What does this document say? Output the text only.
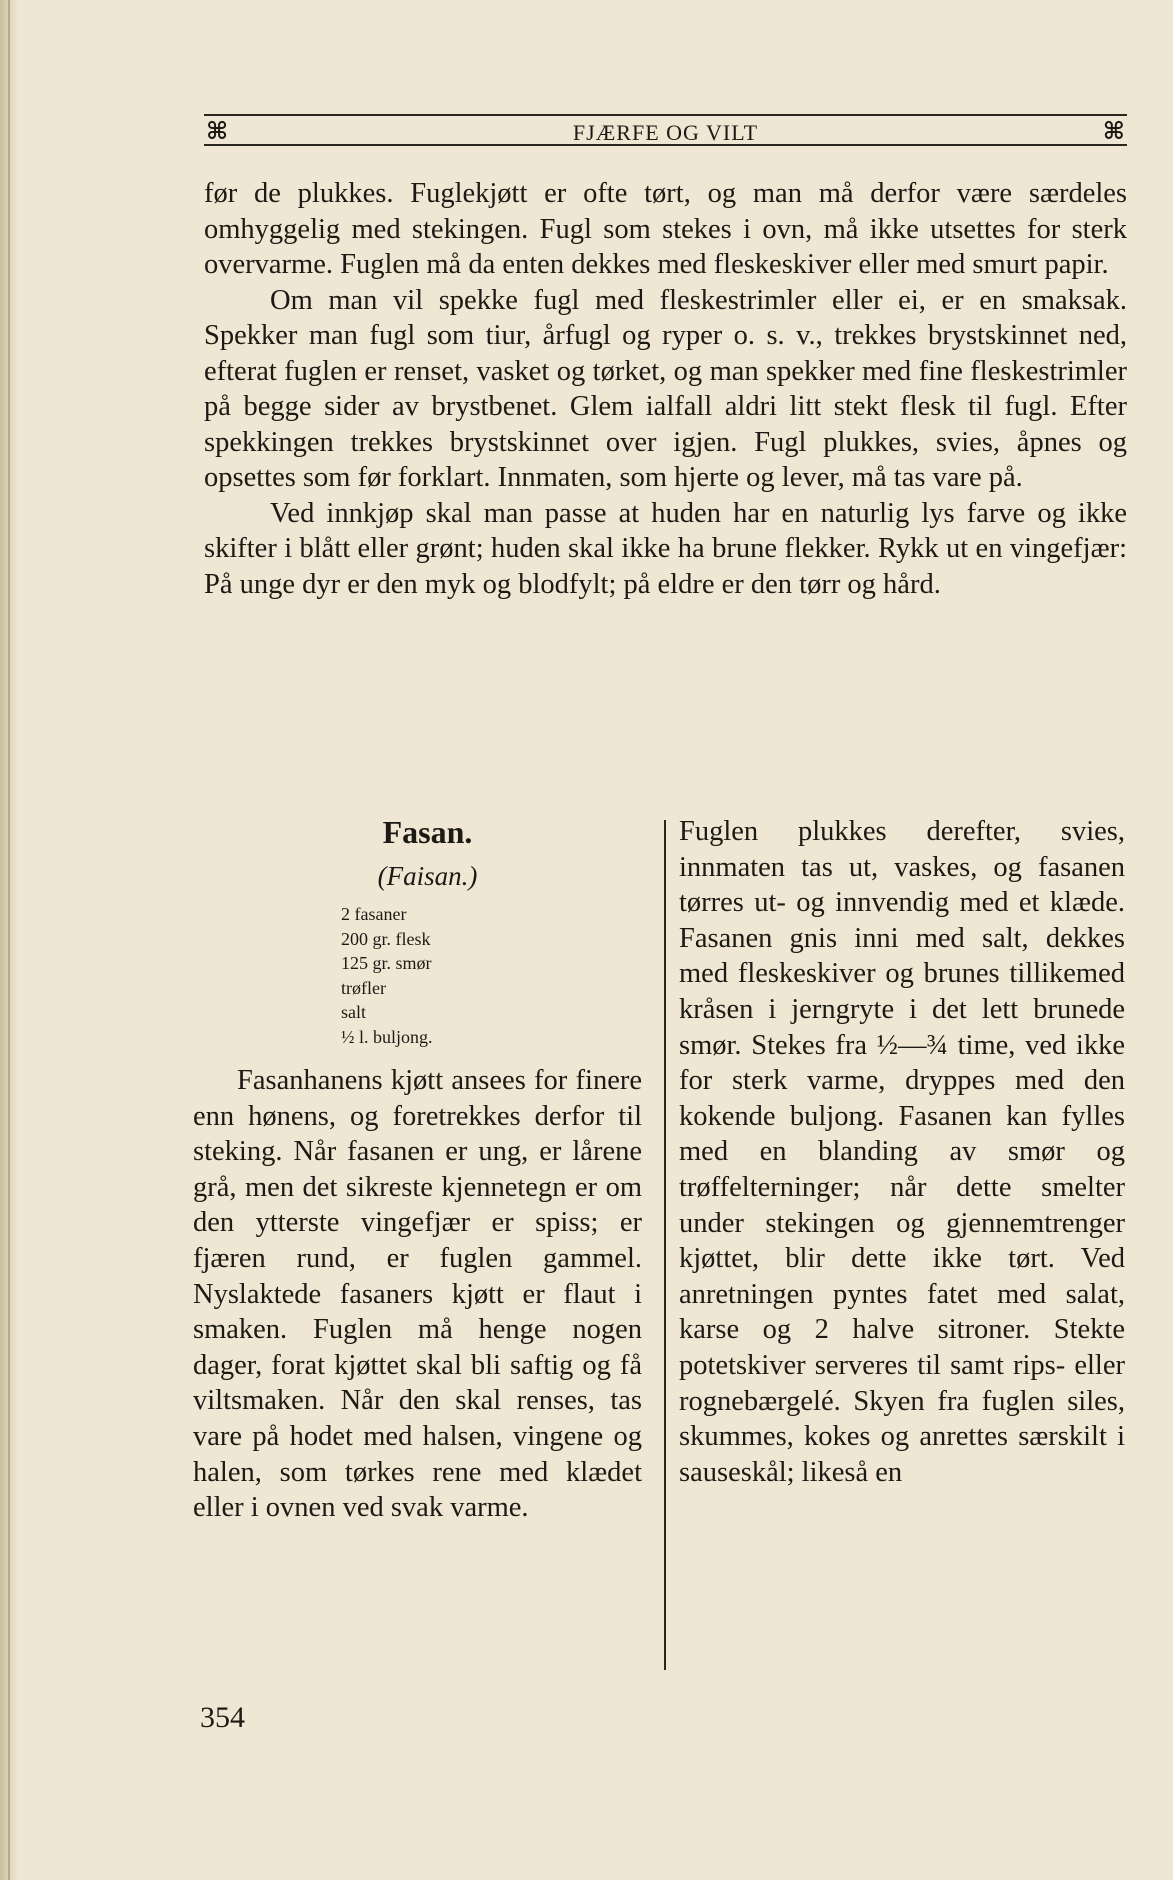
⌘	FJÆRFE OG VILT	⌘

før de plukkes. Fuglekjøtt er ofte tørt, og man må derfor være særdeles omhyggelig med stekingen. Fugl som stekes i ovn, må ikke utsettes for sterk overvarme. Fuglen må da enten dekkes med fleskeskiver eller med smurt papir.

Om man vil spekke fugl med fleskestrimler eller ei, er en smaksak. Spekker man fugl som tiur, årfugl og ryper o. s. v., trekkes brystskinnet ned, efterat fuglen er renset, vasket og tørket, og man spekker med fine fleskestrimler på begge sider av brystbenet. Glem ialfall aldri litt stekt flesk til fugl. Efter spekkingen trekkes brystskinnet over igjen. Fugl plukkes, svies, åpnes og opsettes som før forklart. Innmaten, som hjerte og lever, må tas vare på.

Ved innkjøp skal man passe at huden har en naturlig lys farve og ikke skifter i blått eller grønt; huden skal ikke ha brune flekker. Rykk ut en vingefjær: På unge dyr er den myk og blodfylt; på eldre er den tørr og hård.

Fasan.
(Faisan.)
2 fasaner
200 gr. flesk
125 gr. smør
trøfler
salt
½ l. buljong.

Fasanhanens kjøtt ansees for finere enn hønens, og foretrekkes derfor til steking. Når fasanen er ung, er lårene grå, men det sikreste kjennetegn er om den ytterste vingefjær er spiss; er fjæren rund, er fuglen gammel. Nyslaktede fasaners kjøtt er flaut i smaken. Fuglen må henge nogen dager, forat kjøttet skal bli saftig og få viltsmaken. Når den skal renses, tas vare på hodet med halsen, vingene og halen, som tørkes rene med klædet eller i ovnen ved svak varme.

Fuglen plukkes derefter, svies, innmaten tas ut, vaskes, og fasanen tørres ut- og innvendig med et klæde. Fasanen gnis inni med salt, dekkes med fleskeskiver og brunes tillikemed kråsen i jerngryte i det lett brunede smør. Stekes fra ½—¾ time, ved ikke for sterk varme, dryppes med den kokende buljong. Fasanen kan fylles med en blanding av smør og trøffelterninger; når dette smelter under stekingen og gjennemtrenger kjøttet, blir dette ikke tørt. Ved anretningen pyntes fatet med salat, karse og 2 halve sitroner. Stekte potetskiver serveres til samt rips- eller rognebærgelé. Skyen fra fuglen siles, skummes, kokes og anrettes særskilt i sauseskål; likeså en

354
